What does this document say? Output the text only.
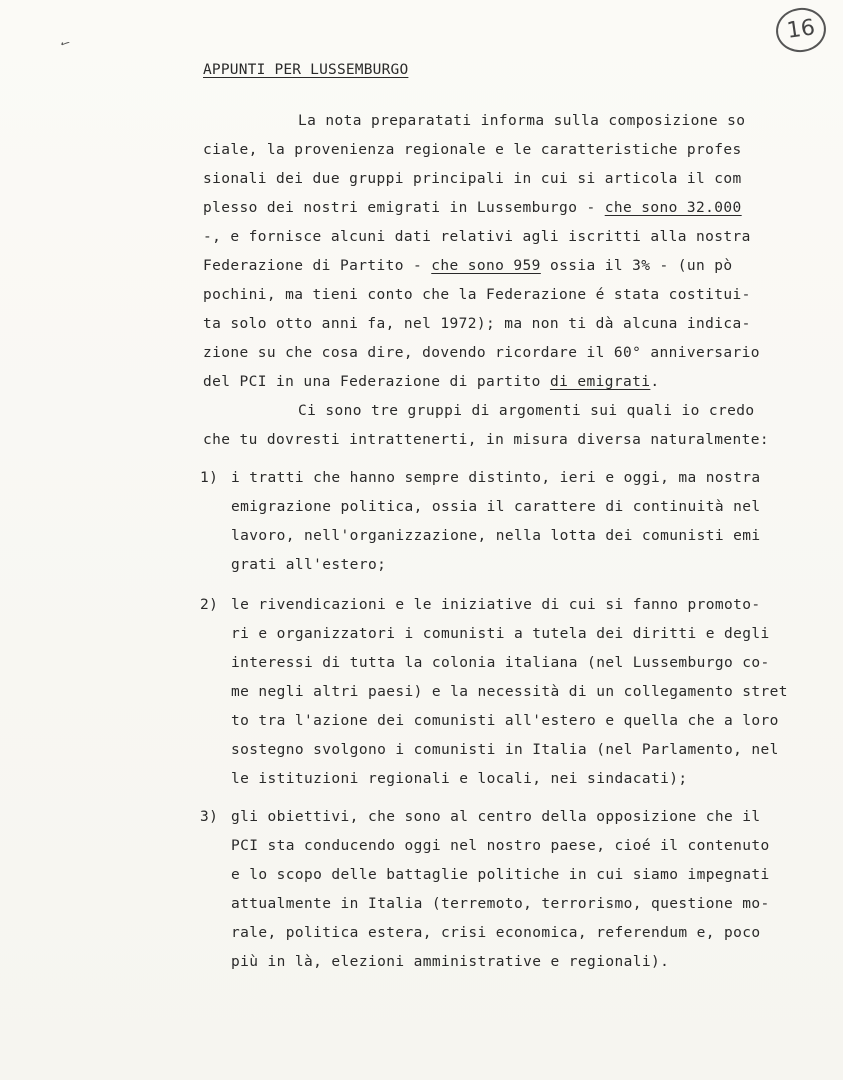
✓	16
APPUNTI PER LUSSEMBURGO
La nota preparatati informa sulla composizione so
ciale, la provenienza regionale e le caratteristiche profes
sionali dei due gruppi principali in cui si articola il com
plesso dei nostri emigrati in Lussemburgo - che sono 32.000
-, e fornisce alcuni dati relativi agli iscritti alla nostra
Federazione di Partito - che sono 959 ossia il 3% - (un pò
pochini, ma tieni conto che la Federazione é stata costitui-
ta solo otto anni fa, nel 1972); ma non ti dà alcuna indica-
zione su che cosa dire, dovendo ricordare il 60° anniversario
del PCI in una Federazione di partito di emigrati.
Ci sono tre gruppi di argomenti sui quali io credo
che tu dovresti intrattenerti, in misura diversa naturalmente:
1) i tratti che hanno sempre distinto, ieri e oggi, ma nostra
emigrazione politica, ossia il carattere di continuità nel
lavoro, nell'organizzazione, nella lotta dei comunisti emi
grati all'estero;
2) le rivendicazioni e le iniziative di cui si fanno promoto-
ri e organizzatori i comunisti a tutela dei diritti e degli
interessi di tutta la colonia italiana (nel Lussemburgo co-
me negli altri paesi) e la necessità di un collegamento stret
to tra l'azione dei comunisti all'estero e quella che a loro
sostegno svolgono i comunisti in Italia (nel Parlamento, nel
le istituzioni regionali e locali, nei sindacati);
3) gli obiettivi, che sono al centro della opposizione che il
PCI sta conducendo oggi nel nostro paese, cioé il contenuto
e lo scopo delle battaglie politiche in cui siamo impegnati
attualmente in Italia (terremoto, terrorismo, questione mo-
rale, politica estera, crisi economica, referendum e, poco
più in là, elezioni amministrative e regionali).
